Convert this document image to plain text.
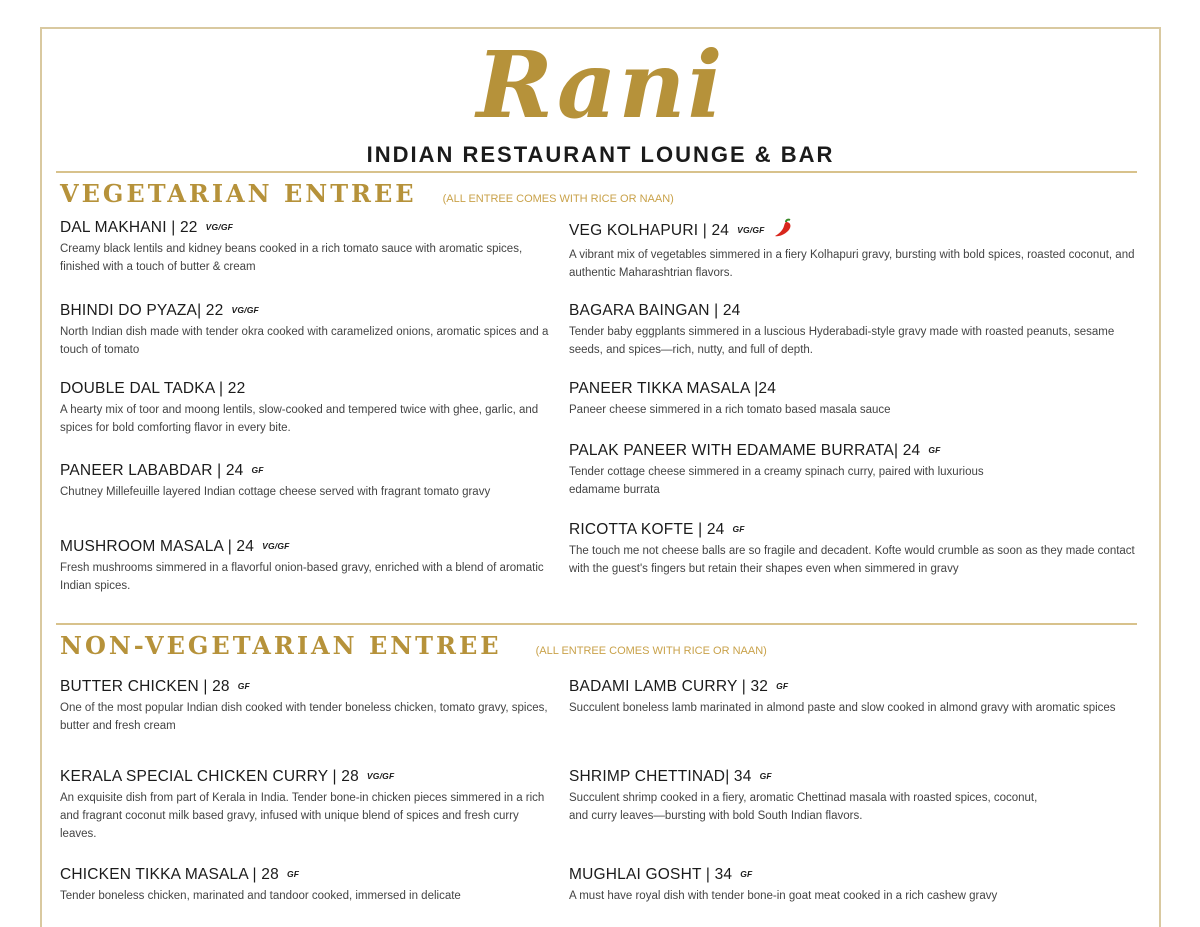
Rani
INDIAN RESTAURANT LOUNGE & BAR
VEGETARIAN ENTREE (ALL ENTREE COMES WITH RICE OR NAAN)
DAL MAKHANI | 22 VG/GF
Creamy black lentils and kidney beans cooked in a rich tomato sauce with aromatic spices, finished with a touch of butter & cream
BHINDI DO PYAZA| 22 VG/GF
North Indian dish made with tender okra cooked with caramelized onions, aromatic spices and a touch of tomato
DOUBLE DAL TADKA | 22
A hearty mix of toor and moong lentils, slow-cooked and tempered twice with ghee, garlic, and spices for bold comforting flavor in every bite.
PANEER LABABDAR | 24 GF
Chutney Millefeuille layered Indian cottage cheese served with fragrant tomato gravy
MUSHROOM MASALA | 24 VG/GF
Fresh mushrooms simmered in a flavorful onion-based gravy, enriched with a blend of aromatic Indian spices.
VEG KOLHAPURI | 24 VG/GF
A vibrant mix of vegetables simmered in a fiery Kolhapuri gravy, bursting with bold spices, roasted coconut, and authentic Maharashtrian flavors.
BAGARA BAINGAN | 24
Tender baby eggplants simmered in a luscious Hyderabadi-style gravy made with roasted peanuts, sesame seeds, and spices—rich, nutty, and full of depth.
PANEER TIKKA MASALA |24
Paneer cheese simmered in a rich tomato based masala sauce
PALAK PANEER WITH EDAMAME BURRATA| 24 GF
Tender cottage cheese simmered in a creamy spinach curry, paired with luxurious edamame burrata
RICOTTA KOFTE | 24 GF
The touch me not cheese balls are so fragile and decadent. Kofte would crumble as soon as they made contact with the guest's fingers but retain their shapes even when simmered in gravy
NON-VEGETARIAN ENTREE	(ALL ENTREE COMES WITH RICE OR NAAN)
BUTTER CHICKEN | 28 GF
One of the most popular Indian dish cooked with tender boneless chicken, tomato gravy, spices, butter and fresh cream
KERALA SPECIAL CHICKEN CURRY | 28 VG/GF
An exquisite dish from part of Kerala in India. Tender bone-in chicken pieces simmered in a rich and fragrant coconut milk based gravy, infused with unique blend of spices and fresh curry leaves.
CHICKEN TIKKA MASALA | 28 GF
Tender boneless chicken, marinated and tandoor cooked, immersed in delicate
BADAMI LAMB CURRY | 32 GF
Succulent boneless lamb marinated in almond paste and slow cooked in almond gravy with aromatic spices
SHRIMP CHETTINAD| 34 GF
Succulent shrimp cooked in a fiery, aromatic Chettinad masala with roasted spices, coconut, and curry leaves—bursting with bold South Indian flavors.
MUGHLAI GOSHT | 34 GF
A must have royal dish with tender bone-in goat meat cooked in a rich cashew gravy
